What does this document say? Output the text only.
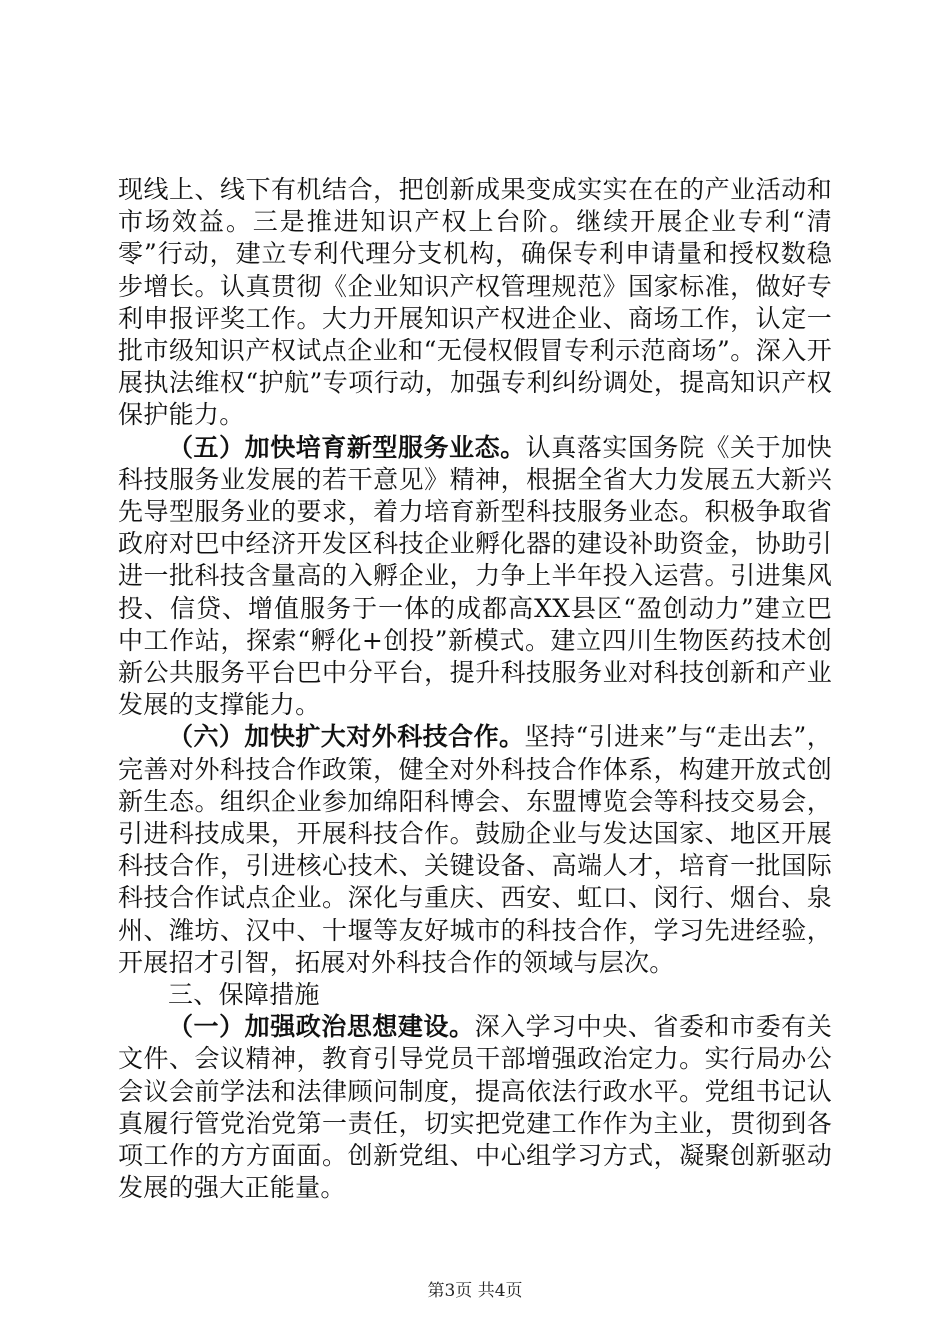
现线上、线下有机结合，把创新成果变成实实在在的产业活动和市场效益。三是推进知识产权上台阶。继续开展企业专利“清零”行动，建立专利代理分支机构，确保专利申请量和授权数稳步增长。认真贯彻《企业知识产权管理规范》国家标准，做好专利申报评奖工作。大力开展知识产权进企业、商场工作，认定一批市级知识产权试点企业和“无侵权假冒专利示范商场”。深入开展执法维权“护航”专项行动，加强专利纠纷调处，提高知识产权保护能力。

（五）加快培育新型服务业态。认真落实国务院《关于加快科技服务业发展的若干意见》精神，根据全省大力发展五大新兴先导型服务业的要求，着力培育新型科技服务业态。积极争取省政府对巴中经济开发区科技企业孵化器的建设补助资金，协助引进一批科技含量高的入孵企业，力争上半年投入运营。引进集风投、信贷、增值服务于一体的成都高XX县区“盈创动力”建立巴中工作站，探索“孵化+创投”新模式。建立四川生物医药技术创新公共服务平台巴中分平台，提升科技服务业对科技创新和产业发展的支撑能力。

（六）加快扩大对外科技合作。坚持“引进来”与“走出去”，完善对外科技合作政策，健全对外科技合作体系，构建开放式创新生态。组织企业参加绵阳科博会、东盟博览会等科技交易会，引进科技成果，开展科技合作。鼓励企业与发达国家、地区开展科技合作，引进核心技术、关键设备、高端人才，培育一批国际科技合作试点企业。深化与重庆、西安、虹口、闵行、烟台、泉州、潍坊、汉中、十堰等友好城市的科技合作，学习先进经验，开展招才引智，拓展对外科技合作的领域与层次。

三、保障措施

（一）加强政治思想建设。深入学习中央、省委和市委有关文件、会议精神，教育引导党员干部增强政治定力。实行局办公会议会前学法和法律顾问制度，提高依法行政水平。党组书记认真履行管党治党第一责任，切实把党建工作作为主业，贯彻到各项工作的方方面面。创新党组、中心组学习方式，凝聚创新驱动发展的强大正能量。

第3页 共4页
